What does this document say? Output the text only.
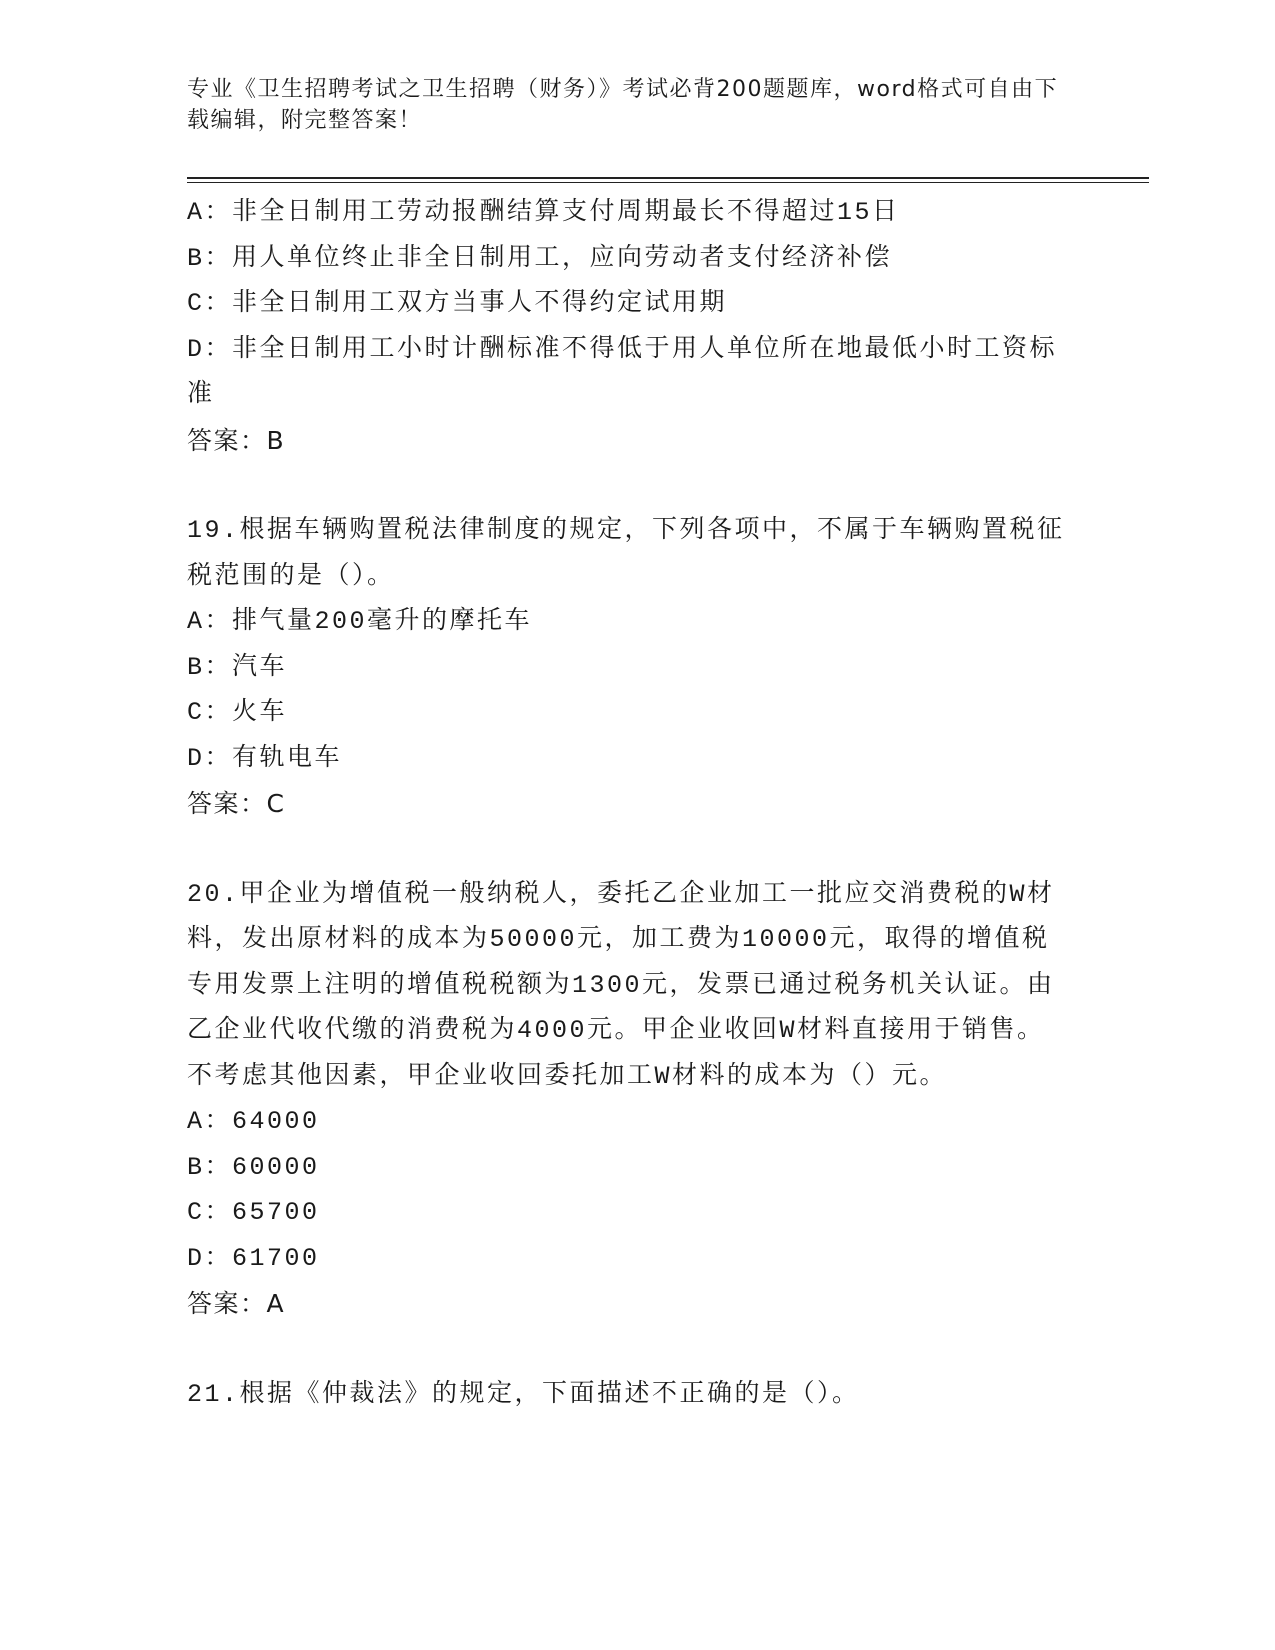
专业《卫生招聘考试之卫生招聘（财务）》考试必背200题题库，word格式可自由下载编辑，附完整答案！

A：非全日制用工劳动报酬结算支付周期最长不得超过15日

B：用人单位终止非全日制用工，应向劳动者支付经济补偿

C：非全日制用工双方当事人不得约定试用期

D：非全日制用工小时计酬标准不得低于用人单位所在地最低小时工资标准

答案：B

19.根据车辆购置税法律制度的规定，下列各项中，不属于车辆购置税征税范围的是（）。

A：排气量200毫升的摩托车

B：汽车

C：火车

D：有轨电车

答案：C

20.甲企业为增值税一般纳税人，委托乙企业加工一批应交消费税的W材料，发出原材料的成本为50000元，加工费为10000元，取得的增值税专用发票上注明的增值税税额为1300元，发票已通过税务机关认证。由乙企业代收代缴的消费税为4000元。甲企业收回W材料直接用于销售。不考虑其他因素，甲企业收回委托加工W材料的成本为（）元。

A：64000

B：60000

C：65700

D：61700

答案：A

21.根据《仲裁法》的规定，下面描述不正确的是（）。
